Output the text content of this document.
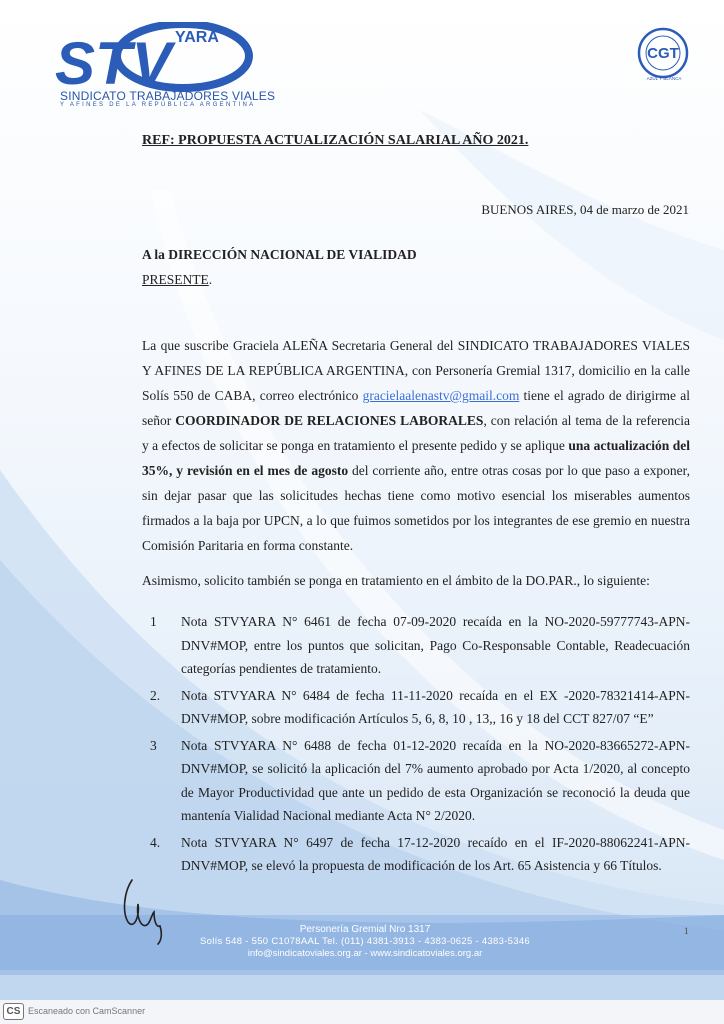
STV YARA
SINDICATO TRABAJADORES VIALES
Y AFINES DE LA REPÚBLICA ARGENTINA
CGT
AZUL Y BLANCA
REF: PROPUESTA ACTUALIZACIÓN SALARIAL AÑO 2021.
BUENOS AIRES, 04 de marzo de 2021
A la DIRECCIÓN NACIONAL DE VIALIDAD
PRESENTE.
La que suscribe Graciela ALEÑA Secretaria General del SINDICATO TRABAJADORES VIALES Y AFINES DE LA REPÚBLICA ARGENTINA, con Personería Gremial 1317, domicilio en la calle Solís 550 de CABA, correo electrónico gracielaalenastv@gmail.com tiene el agrado de dirigirme al señor COORDINADOR DE RELACIONES LABORALES, con relación al tema de la referencia y a efectos de solicitar se ponga en tratamiento el presente pedido y se aplique una actualización del 35%, y revisión en el mes de agosto del corriente año, entre otras cosas por lo que paso a exponer, sin dejar pasar que las solicitudes hechas tiene como motivo esencial los miserables aumentos firmados a la baja por UPCN, a lo que fuimos sometidos por los integrantes de ese gremio en nuestra Comisión Paritaria en forma constante.
Asimismo, solicito también se ponga en tratamiento en el ámbito de la DO.PAR., lo siguiente:
1	Nota STVYARA N° 6461 de fecha 07-09-2020 recaída en la NO-2020-59777743-APN-DNV#MOP, entre los puntos que solicitan, Pago Co-Responsable Contable, Readecuación categorías pendientes de tratamiento.
2.	Nota STVYARA N° 6484 de fecha 11-11-2020 recaída en el EX -2020-78321414-APN-DNV#MOP, sobre modificación Artículos 5, 6, 8, 10 , 13,, 16 y 18 del CCT 827/07 “E”
3	Nota STVYARA N° 6488 de fecha 01-12-2020 recaída en la NO-2020-83665272-APN-DNV#MOP, se solicitó la aplicación del 7% aumento aprobado por Acta 1/2020, al concepto de Mayor Productividad que ante un pedido de esta Organización se reconoció la deuda que mantenía Vialidad Nacional mediante Acta N° 2/2020.
4.	Nota STVYARA N° 6497 de fecha 17-12-2020 recaído en el IF-2020-88062241-APN-DNV#MOP, se elevó la propuesta de modificación de los Art. 65 Asistencia y 66 Títulos.
Personería Gremial Nro 1317
Solís 548 - 550 C1078AAL Tel. (011) 4381-3913 - 4383-0625 - 4383-5346
info@sindicatoviales.org.ar - www.sindicatoviales.org.ar
1
CS Escaneado con CamScanner
